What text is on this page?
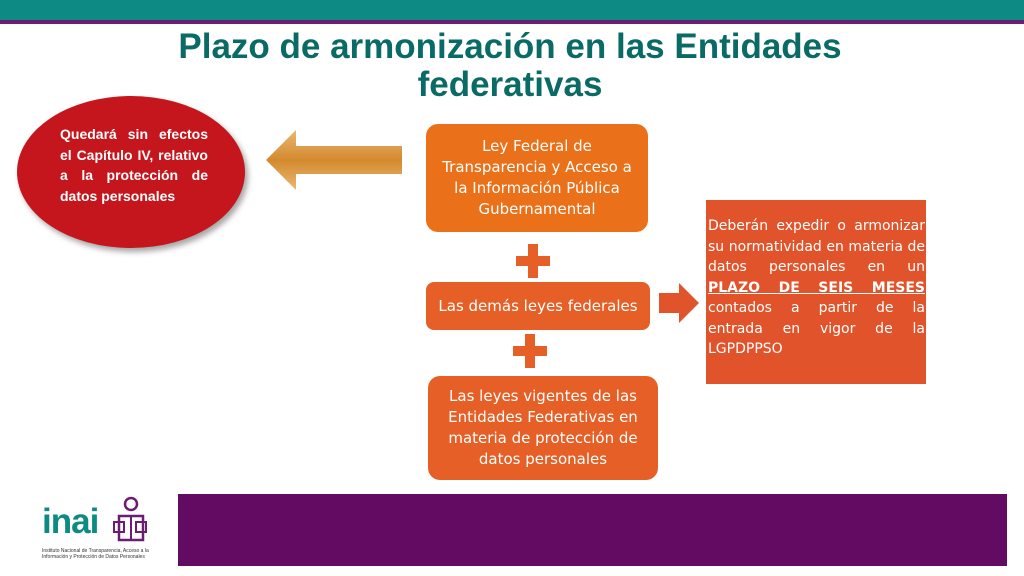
Plazo de armonización en las Entidades
federativas
Quedará sin efectos el Capítulo IV, relativo a la protección de datos personales
Ley Federal de Transparencia y Acceso a la Información Pública Gubernamental
Las demás leyes federales
Las leyes vigentes de las Entidades Federativas en materia de protección de datos personales
Deberán expedir o armonizar su normatividad en materia de datos personales en un PLAZO DE SEIS MESES contados a partir de la entrada en vigor de la LGPDPPSO
inai
Instituto Nacional de Transparencia, Acceso a la Información y Protección de Datos Personales
